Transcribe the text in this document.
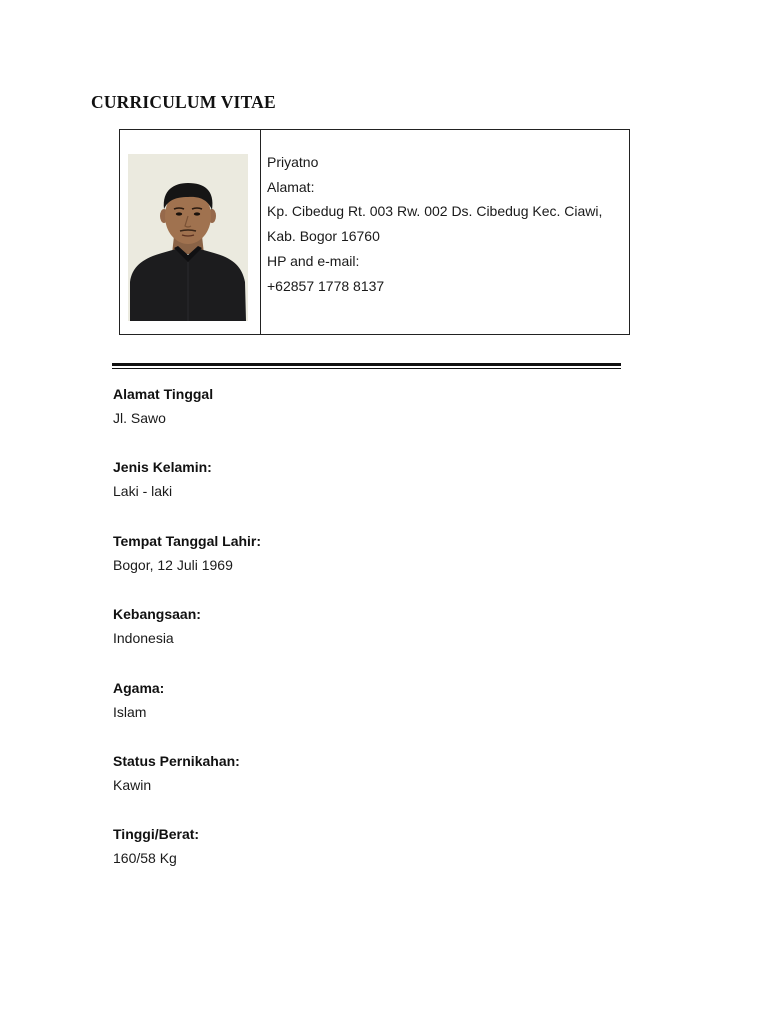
CURRICULUM VITAE
Priyatno
Alamat:
Kp. Cibedug Rt. 003 Rw. 002 Ds. Cibedug Kec. Ciawi,
Kab. Bogor 16760
HP and e-mail:
+62857 1778 8137
Alamat Tinggal
Jl. Sawo
Jenis Kelamin:
Laki - laki
Tempat Tanggal Lahir:
Bogor, 12 Juli 1969
Kebangsaan:
Indonesia
Agama:
Islam
Status Pernikahan:
Kawin
Tinggi/Berat:
160/58 Kg
